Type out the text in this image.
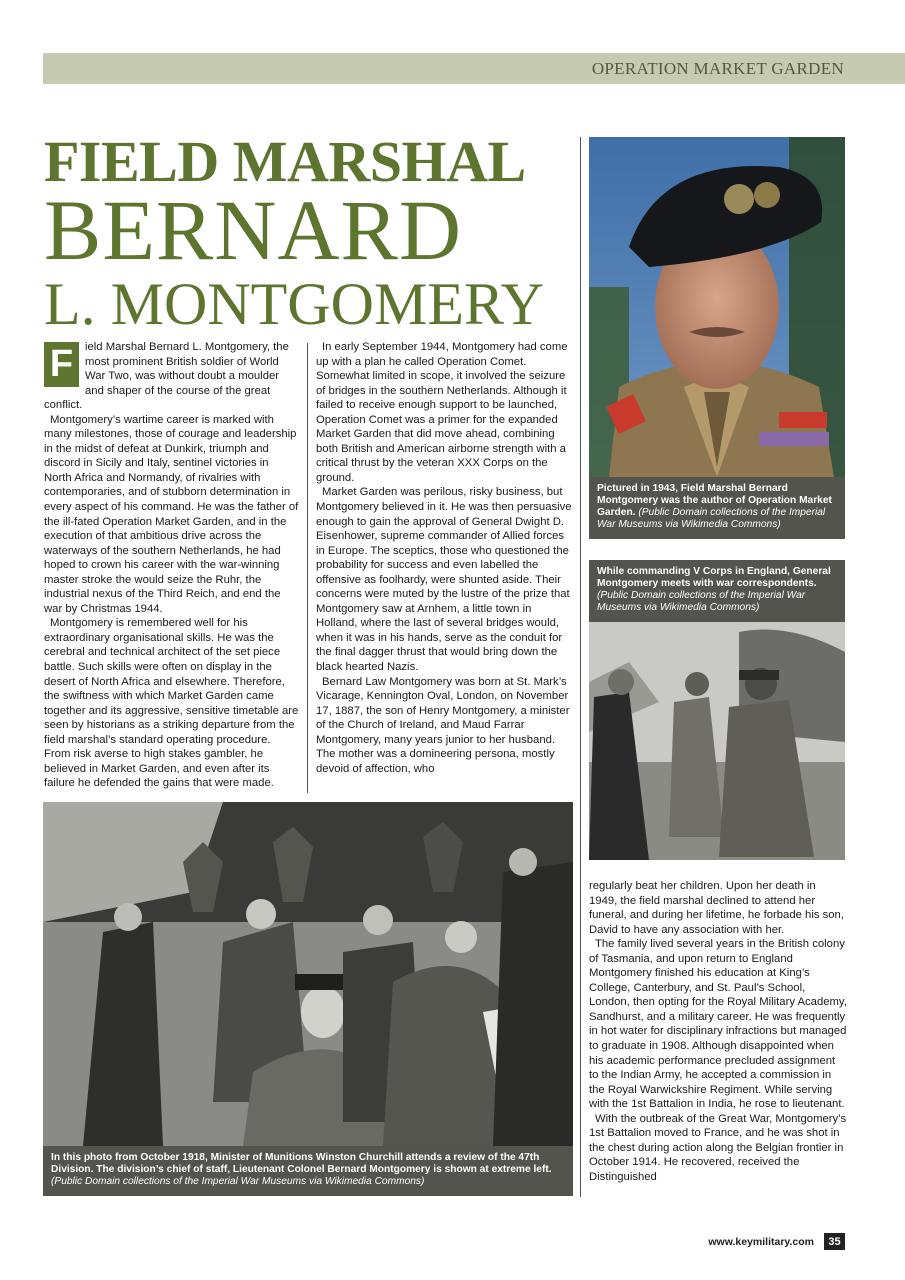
OPERATION MARKET GARDEN
FIELD MARSHAL
BERNARD
L. MONTGOMERY
F	ield Marshal Bernard L. Montgomery, the most prominent British soldier of World War Two, was without doubt a moulder and shaper of the course of the great conflict.

Montgomery’s wartime career is marked with many milestones, those of courage and leadership in the midst of defeat at Dunkirk, triumph and discord in Sicily and Italy, sentinel victories in North Africa and Normandy, of rivalries with contemporaries, and of stubborn determination in every aspect of his command. He was the father of the ill-fated Operation Market Garden, and in the execution of that ambitious drive across the waterways of the southern Netherlands, he had hoped to crown his career with the war-winning master stroke the would seize the Ruhr, the industrial nexus of the Third Reich, and end the war by Christmas 1944.

Montgomery is remembered well for his extraordinary organisational skills. He was the cerebral and technical architect of the set piece battle. Such skills were often on display in the desert of North Africa and elsewhere. Therefore, the swiftness with which Market Garden came together and its aggressive, sensitive timetable are seen by historians as a striking departure from the field marshal’s standard operating procedure. From risk averse to high stakes gambler, he believed in Market Garden, and even after its failure he defended the gains that were made.

In early September 1944, Montgomery had come up with a plan he called Operation Comet. Somewhat limited in scope, it involved the seizure of bridges in the southern Netherlands. Although it failed to receive enough support to be launched, Operation Comet was a primer for the expanded Market Garden that did move ahead, combining both British and American airborne strength with a critical thrust by the veteran XXX Corps on the ground.

Market Garden was perilous, risky business, but Montgomery believed in it. He was then persuasive enough to gain the approval of General Dwight D. Eisenhower, supreme commander of Allied forces in Europe. The sceptics, those who questioned the probability for success and even labelled the offensive as foolhardy, were shunted aside. Their concerns were muted by the lustre of the prize that Montgomery saw at Arnhem, a little town in Holland, where the last of several bridges would, when it was in his hands, serve as the conduit for the final dagger thrust that would bring down the black hearted Nazis.

Bernard Law Montgomery was born at St. Mark’s Vicarage, Kennington Oval, London, on November 17, 1887, the son of Henry Montgomery, a minister of the Church of Ireland, and Maud Farrar Montgomery, many years junior to her husband. The mother was a domineering persona, mostly devoid of affection, who

regularly beat her children. Upon her death in 1949, the field marshal declined to attend her funeral, and during her lifetime, he forbade his son, David to have any association with her.

The family lived several years in the British colony of Tasmania, and upon return to England Montgomery finished his education at King’s College, Canterbury, and St. Paul’s School, London, then opting for the Royal Military Academy, Sandhurst, and a military career. He was frequently in hot water for disciplinary infractions but managed to graduate in 1908. Although disappointed when his academic performance precluded assignment to the Indian Army, he accepted a commission in the Royal Warwickshire Regiment. While serving with the 1st Battalion in India, he rose to lieutenant.

With the outbreak of the Great War, Montgomery’s 1st Battalion moved to France, and he was shot in the chest during action along the Belgian frontier in October 1914. He recovered, received the Distinguished

Pictured in 1943, Field Marshal Bernard Montgomery was the author of Operation Market Garden. (Public Domain collections of the Imperial War Museums via Wikimedia Commons)
While commanding V Corps in England, General Montgomery meets with war correspondents. (Public Domain collections of the Imperial War Museums via Wikimedia Commons)
In this photo from October 1918, Minister of Munitions Winston Churchill attends a review of the 47th Division. The division’s chief of staff, Lieutenant Colonel Bernard Montgomery is shown at extreme left. (Public Domain collections of the Imperial War Museums via Wikimedia Commons)
www.keymilitary.com	35
